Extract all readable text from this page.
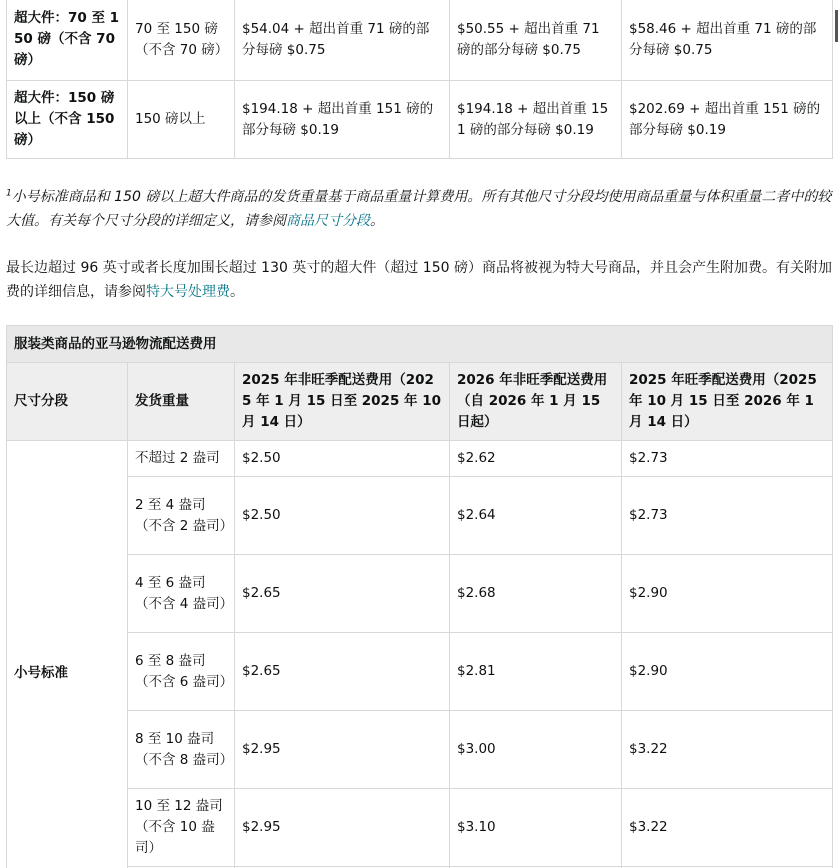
超大件：70 至 150 磅（不含 70 磅）	70 至 150 磅（不含 70 磅）	$54.04 + 超出首重 71 磅的部分每磅 $0.75	$50.55 + 超出首重 71 磅的部分每磅 $0.75	$58.46 + 超出首重 71 磅的部分每磅 $0.75
超大件：150 磅以上（不含 150 磅）	150 磅以上	$194.18 + 超出首重 151 磅的部分每磅 $0.19	$194.18 + 超出首重 151 磅的部分每磅 $0.19	$202.69 + 超出首重 151 磅的部分每磅 $0.19

$^1$小号标准商品和 150 磅以上超大件商品的发货重量基于商品重量计算费用。所有其他尺寸分段均使用商品重量与体积重量二者中的较大值。有关每个尺寸分段的详细定义，请参阅商品尺寸分段。

最长边超过 96 英寸或者长度加围长超过 130 英寸的超大件（超过 150 磅）商品将被视为特大号商品，并且会产生附加费。有关附加费的详细信息，请参阅特大号处理费。

服装类商品的亚马逊物流配送费用				
尺寸分段	发货重量	2025 年非旺季配送费用（2025 年 1 月 15 日至 2025 年 10 月 14 日）	2026 年非旺季配送费用（自 2026 年 1 月 15 日起）	2025 年旺季配送费用（2025 年 10 月 15 日至 2026 年 1 月 14 日）
小号标准	不超过 2 盎司	$2.50	$2.62	$2.73
	2 至 4 盎司（不含 2 盎司）	$2.50	$2.64	$2.73
	4 至 6 盎司（不含 4 盎司）	$2.65	$2.68	$2.90
	6 至 8 盎司（不含 6 盎司）	$2.65	$2.81	$2.90
	8 至 10 盎司（不含 8 盎司）	$2.95	$3.00	$3.22
	10 至 12 盎司（不含 10 盎司）	$2.95	$3.10	$3.22
